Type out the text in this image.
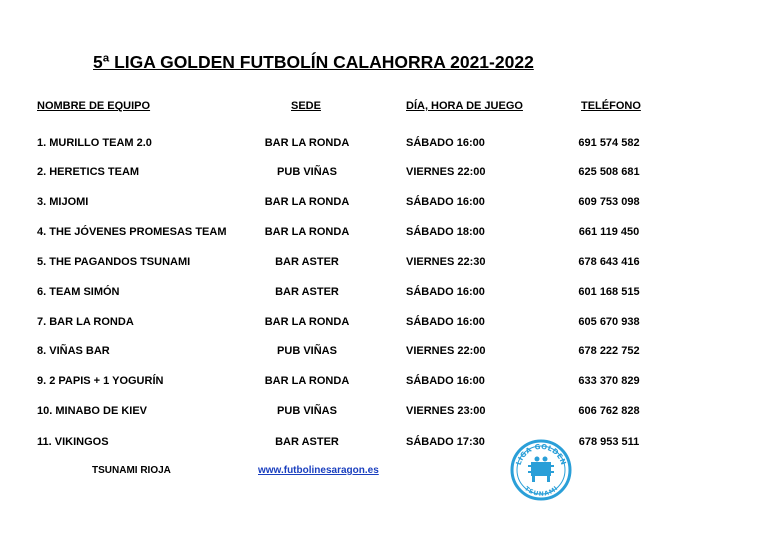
5ª LIGA GOLDEN FUTBOLÍN CALAHORRA 2021-2022
NOMBRE DE EQUIPO	SEDE	DÍA, HORA DE JUEGO	TELÉFONO
1. MURILLO TEAM 2.0	BAR LA RONDA	SÁBADO 16:00	691 574 582
2. HERETICS TEAM	PUB VIÑAS	VIERNES 22:00	625 508 681
3. MIJOMI	BAR LA RONDA	SÁBADO 16:00	609 753 098
4. THE JÓVENES PROMESAS TEAM	BAR LA RONDA	SÁBADO 18:00	661 119 450
5. THE PAGANDOS TSUNAMI	BAR ASTER	VIERNES 22:30	678 643 416
6. TEAM SIMÓN	BAR ASTER	SÁBADO 16:00	601 168 515
7. BAR LA RONDA	BAR LA RONDA	SÁBADO 16:00	605 670 938
8. VIÑAS BAR	PUB VIÑAS	VIERNES 22:00	678 222 752
9. 2 PAPIS + 1 YOGURÍN	BAR LA RONDA	SÁBADO 16:00	633 370 829
10. MINABO DE KIEV	PUB VIÑAS	VIERNES 23:00	606 762 828
11. VIKINGOS	BAR ASTER	SÁBADO 17:30	678 953 511
TSUNAMI RIOJA	www.futbolinesaragon.es
LIGA GOLDEN
TSUNAMI
